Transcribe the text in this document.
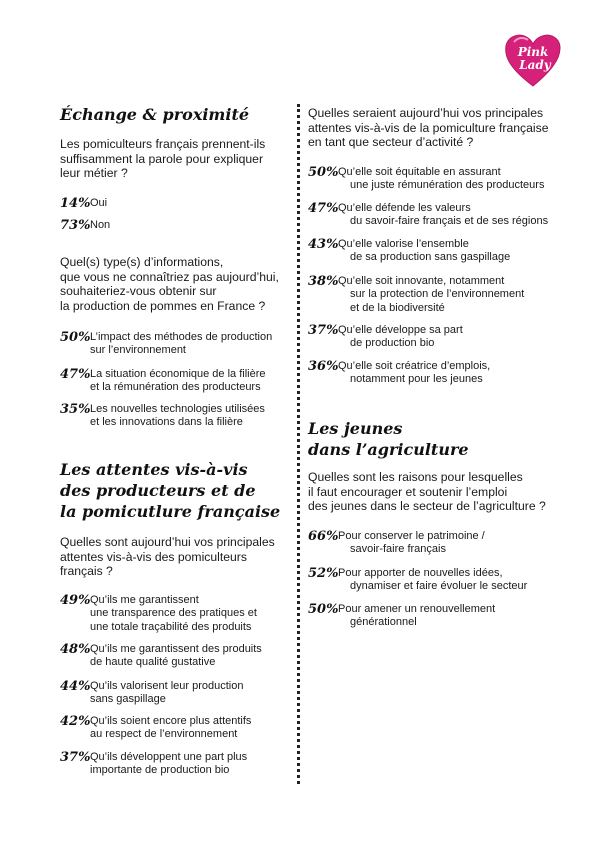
Pink
Lady
Échange & proximité
Les pomiculteurs français prennent-ils
suffisamment la parole pour expliquer
leur métier ?
14% Oui
73% Non
Quel(s) type(s) d’informations,
que vous ne connaîtriez pas aujourd’hui,
souhaiteriez-vous obtenir sur
la production de pommes en France ?
50% L’impact des méthodes de production
sur l’environnement
47% La situation économique de la filière
et la rémunération des producteurs
35% Les nouvelles technologies utilisées
et les innovations dans la filière
Les attentes vis-à-vis
des producteurs et de
la pomicutlure française
Quelles sont aujourd’hui vos principales
attentes vis-à-vis des pomiculteurs
français ?
49% Qu’ils me garantissent
une transparence des pratiques et
une totale traçabilité des produits
48% Qu’ils me garantissent des produits
de haute qualité gustative
44% Qu’ils valorisent leur production
sans gaspillage
42% Qu’ils soient encore plus attentifs
au respect de l’environnement
37% Qu’ils développent une part plus
importante de production bio
Quelles seraient aujourd’hui vos principales
attentes vis-à-vis de la pomiculture française
en tant que secteur d’activité ?
50% Qu’elle soit équitable en assurant
une juste rémunération des producteurs
47% Qu’elle défende les valeurs
du savoir-faire français et de ses régions
43% Qu’elle valorise l’ensemble
de sa production sans gaspillage
38% Qu’elle soit innovante, notamment
sur la protection de l’environnement
et de la biodiversité
37% Qu’elle développe sa part
de production bio
36% Qu’elle soit créatrice d’emplois,
notamment pour les jeunes
Les jeunes
dans l’agriculture
Quelles sont les raisons pour lesquelles
il faut encourager et soutenir l’emploi
des jeunes dans le secteur de l’agriculture ?
66% Pour conserver le patrimoine /
savoir-faire français
52% Pour apporter de nouvelles idées,
dynamiser et faire évoluer le secteur
50% Pour amener un renouvellement
générationnel
